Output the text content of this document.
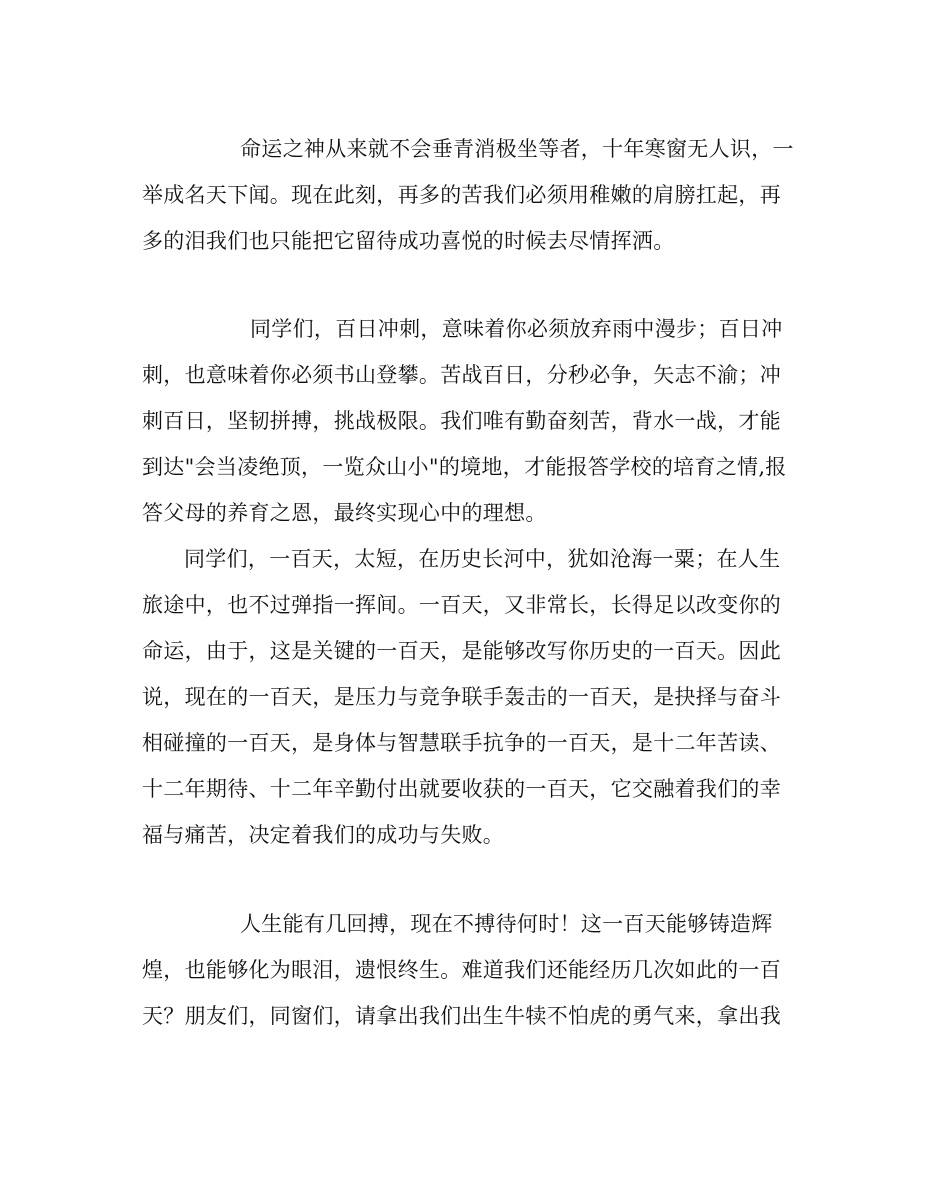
命运之神从来就不会垂青消极坐等者，十年寒窗无人识，一
举成名天下闻。现在此刻，再多的苦我们必须用稚嫩的肩膀扛起，再
多的泪我们也只能把它留待成功喜悦的时候去尽情挥洒。
同学们，百日冲刺，意味着你必须放弃雨中漫步；百日冲
刺，也意味着你必须书山登攀。苦战百日，分秒必争，矢志不渝；冲
刺百日，坚韧拼搏，挑战极限。我们唯有勤奋刻苦，背水一战，才能
到达"会当凌绝顶，一览众山小"的境地，才能报答学校的培育之情,报
答父母的养育之恩，最终实现心中的理想。
同学们，一百天，太短，在历史长河中，犹如沧海一粟；在人生
旅途中，也不过弹指一挥间。一百天，又非常长，长得足以改变你的
命运，由于，这是关键的一百天，是能够改写你历史的一百天。因此
说，现在的一百天，是压力与竞争联手轰击的一百天，是抉择与奋斗
相碰撞的一百天，是身体与智慧联手抗争的一百天，是十二年苦读、
十二年期待、十二年辛勤付出就要收获的一百天，它交融着我们的幸
福与痛苦，决定着我们的成功与失败。
人生能有几回搏，现在不搏待何时！这一百天能够铸造辉
煌，也能够化为眼泪，遗恨终生。难道我们还能经历几次如此的一百
天？朋友们，同窗们，请拿出我们出生牛犊不怕虎的勇气来，拿出我
